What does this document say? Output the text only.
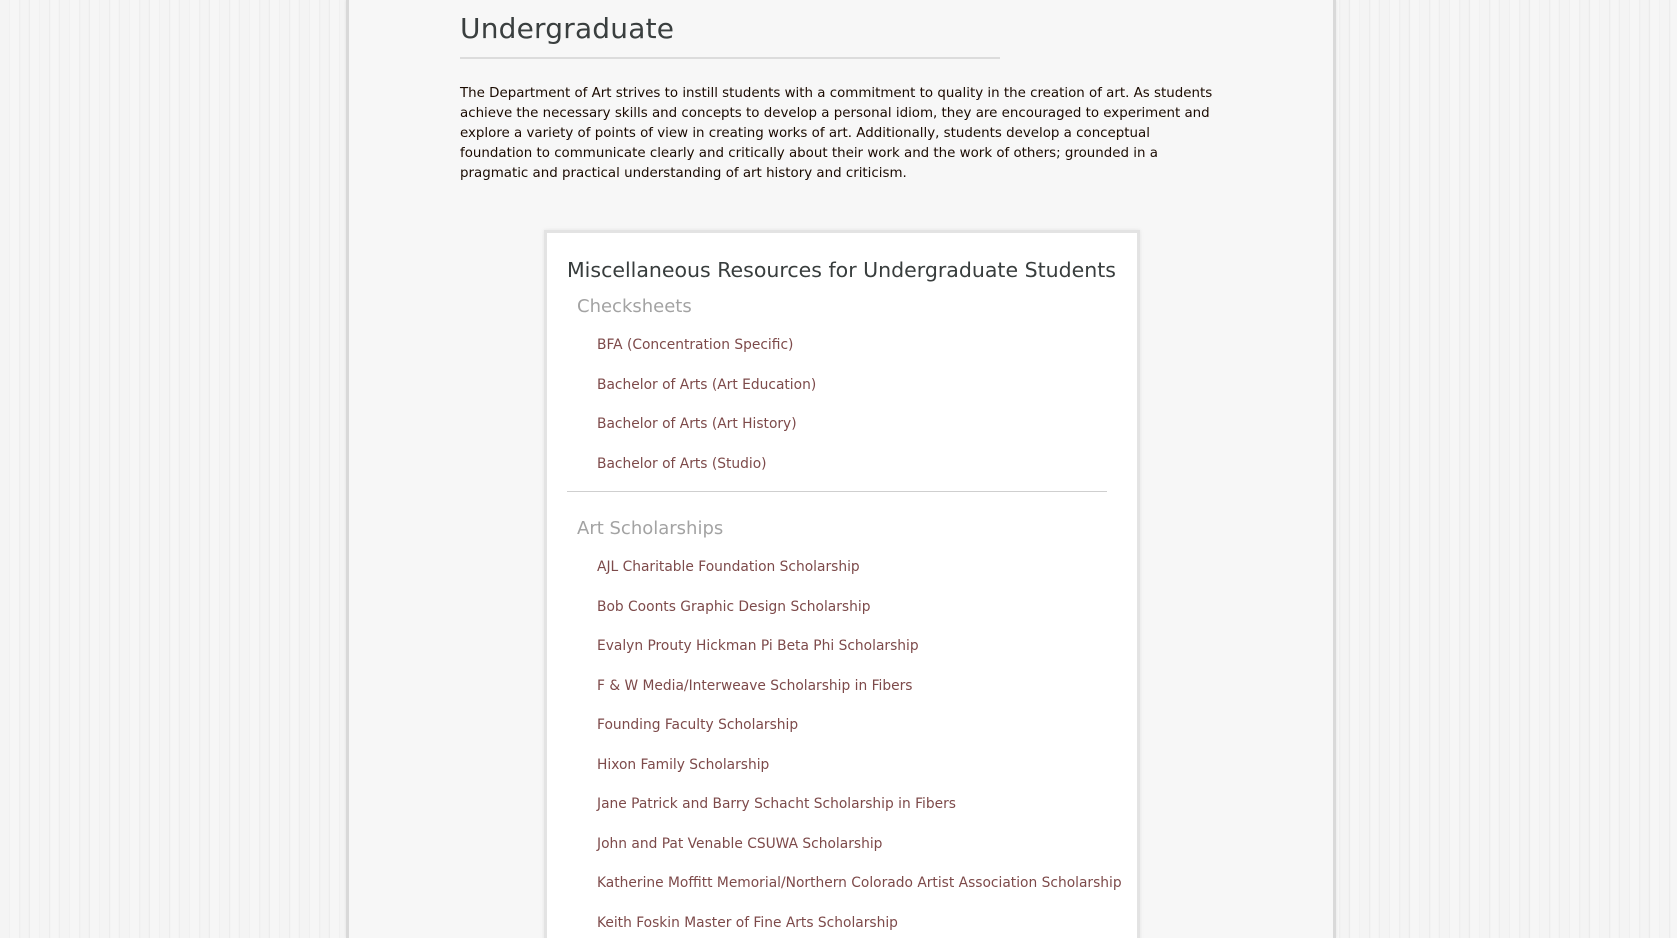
Undergraduate

The Department of Art strives to instill students with a commitment to quality in the creation of art. As students achieve the necessary skills and concepts to develop a personal idiom, they are encouraged to experiment and explore a variety of points of view in creating works of art. Additionally, students develop a conceptual foundation to communicate clearly and critically about their work and the work of others; grounded in a pragmatic and practical understanding of art history and criticism.

Miscellaneous Resources for Undergraduate Students
Checksheets
BFA (Concentration Specific)
Bachelor of Arts (Art Education)
Bachelor of Arts (Art History)
Bachelor of Arts (Studio)
Art Scholarships
AJL Charitable Foundation Scholarship
Bob Coonts Graphic Design Scholarship
Evalyn Prouty Hickman Pi Beta Phi Scholarship
F & W Media/Interweave Scholarship in Fibers
Founding Faculty Scholarship
Hixon Family Scholarship
Jane Patrick and Barry Schacht Scholarship in Fibers
John and Pat Venable CSUWA Scholarship
Katherine Moffitt Memorial/Northern Colorado Artist Association Scholarship
Keith Foskin Master of Fine Arts Scholarship
